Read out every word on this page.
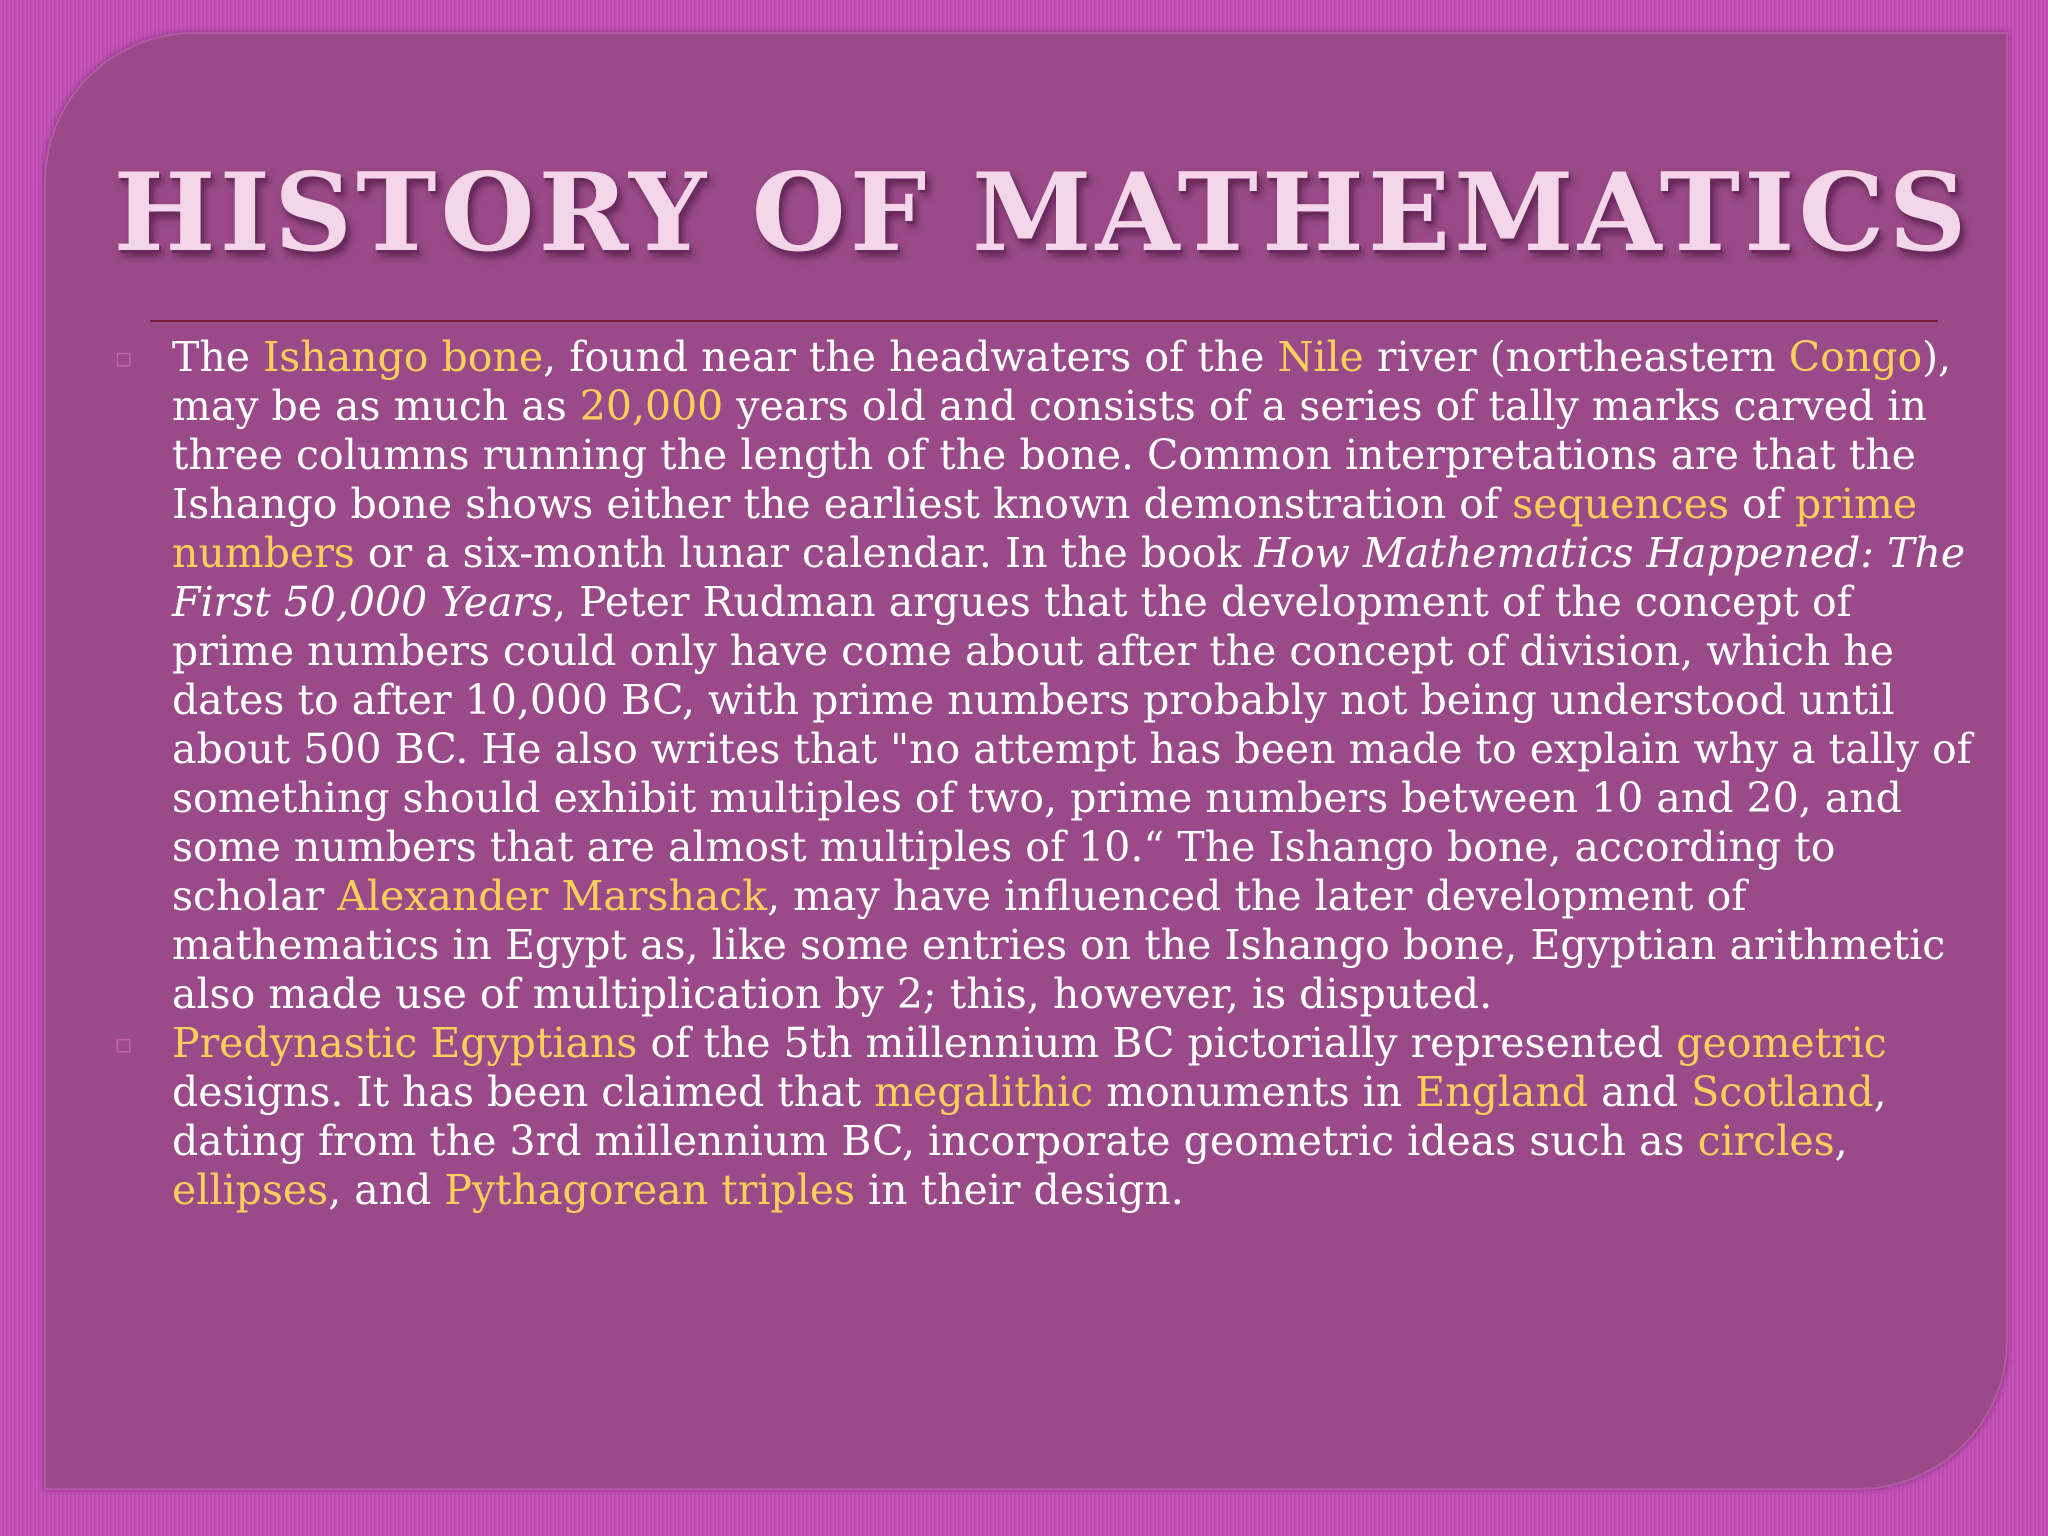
HISTORY OF MATHEMATICS

▫ The Ishango bone, found near the headwaters of the Nile river (northeastern Congo), may be as much as 20,000 years old and consists of a series of tally marks carved in three columns running the length of the bone. Common interpretations are that the Ishango bone shows either the earliest known demonstration of sequences of prime numbers or a six-month lunar calendar. In the book How Mathematics Happened: The First 50,000 Years, Peter Rudman argues that the development of the concept of prime numbers could only have come about after the concept of division, which he dates to after 10,000 BC, with prime numbers probably not being understood until about 500 BC. He also writes that "no attempt has been made to explain why a tally of something should exhibit multiples of two, prime numbers between 10 and 20, and some numbers that are almost multiples of 10.“ The Ishango bone, according to scholar Alexander Marshack, may have influenced the later development of mathematics in Egypt as, like some entries on the Ishango bone, Egyptian arithmetic also made use of multiplication by 2; this, however, is disputed.

▫ Predynastic Egyptians of the 5th millennium BC pictorially represented geometric designs. It has been claimed that megalithic monuments in England and Scotland, dating from the 3rd millennium BC, incorporate geometric ideas such as circles, ellipses, and Pythagorean triples in their design.
